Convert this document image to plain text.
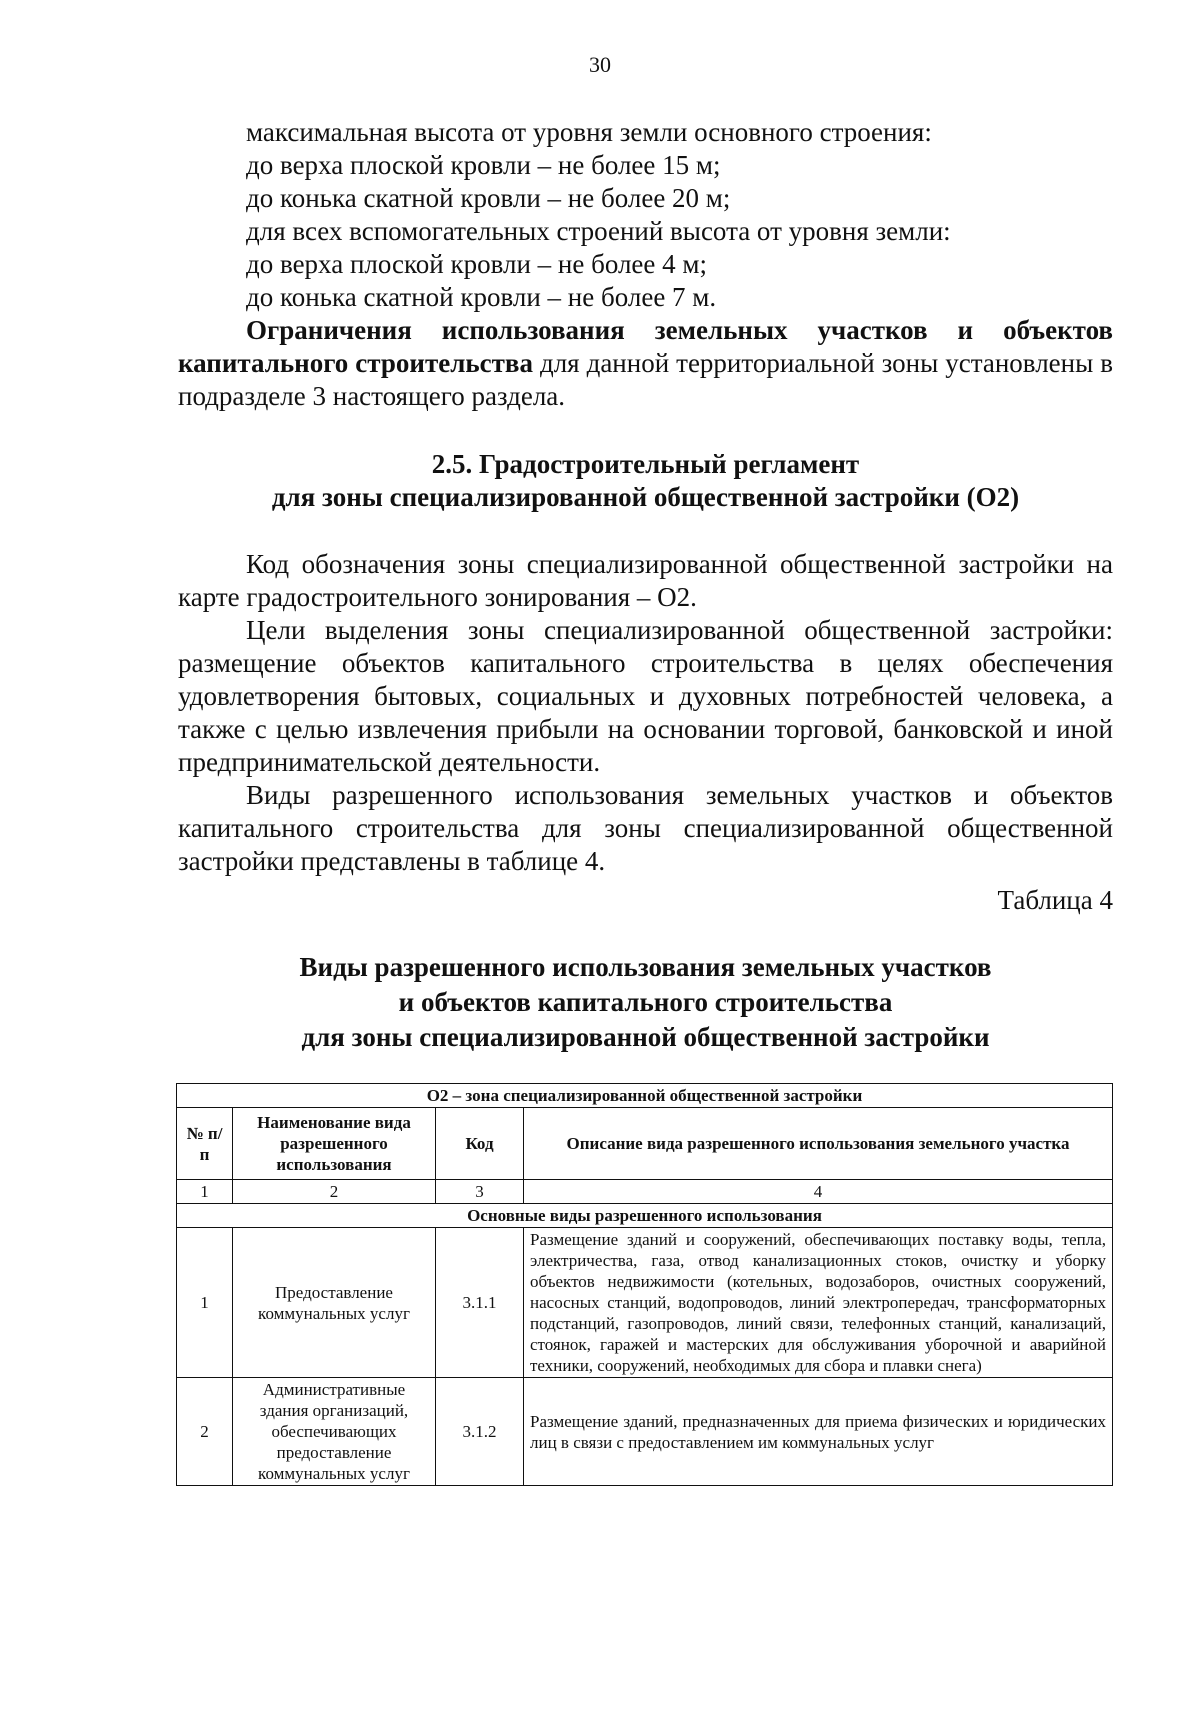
30
максимальная высота от уровня земли основного строения:
до верха плоской кровли – не более 15 м;
до конька скатной кровли – не более 20 м;
для всех вспомогательных строений высота от уровня земли:
до верха плоской кровли – не более 4 м;
до конька скатной кровли – не более 7 м.
Ограничения использования земельных участков и объектов капитального строительства для данной территориальной зоны установлены в подразделе 3 настоящего раздела.
2.5. Градостроительный регламент
для зоны специализированной общественной застройки (О2)
Код обозначения зоны специализированной общественной застройки на карте градостроительного зонирования – О2.
Цели выделения зоны специализированной общественной застройки: размещение объектов капитального строительства в целях обеспечения удовлетворения бытовых, социальных и духовных потребностей человека, а также с целью извлечения прибыли на основании торговой, банковской и иной предпринимательской деятельности.
Виды разрешенного использования земельных участков и объектов капитального строительства для зоны специализированной общественной застройки представлены в таблице 4.
Таблица 4
Виды разрешенного использования земельных участков
и объектов капитального строительства
для зоны специализированной общественной застройки
О2 – зона специализированной общественной застройки			
№ п/п	Наименование вида разрешенного использования	Код	Описание вида разрешенного использования земельного участка
1	2	3	4
Основные виды разрешенного использования			
1	Предоставление коммунальных услуг	3.1.1	Размещение зданий и сооружений, обеспечивающих поставку воды, тепла, электричества, газа, отвод канализационных стоков, очистку и уборку объектов недвижимости (котельных, водозаборов, очистных сооружений, насосных станций, водопроводов, линий электропередач, трансформаторных подстанций, газопроводов, линий связи, телефонных станций, канализаций, стоянок, гаражей и мастерских для обслуживания уборочной и аварийной техники, сооружений, необходимых для сбора и плавки снега)
2	Административные здания организаций, обеспечивающих предоставление коммунальных услуг	3.1.2	Размещение зданий, предназначенных для приема физических и юридических лиц в связи с предоставлением им коммунальных услуг
